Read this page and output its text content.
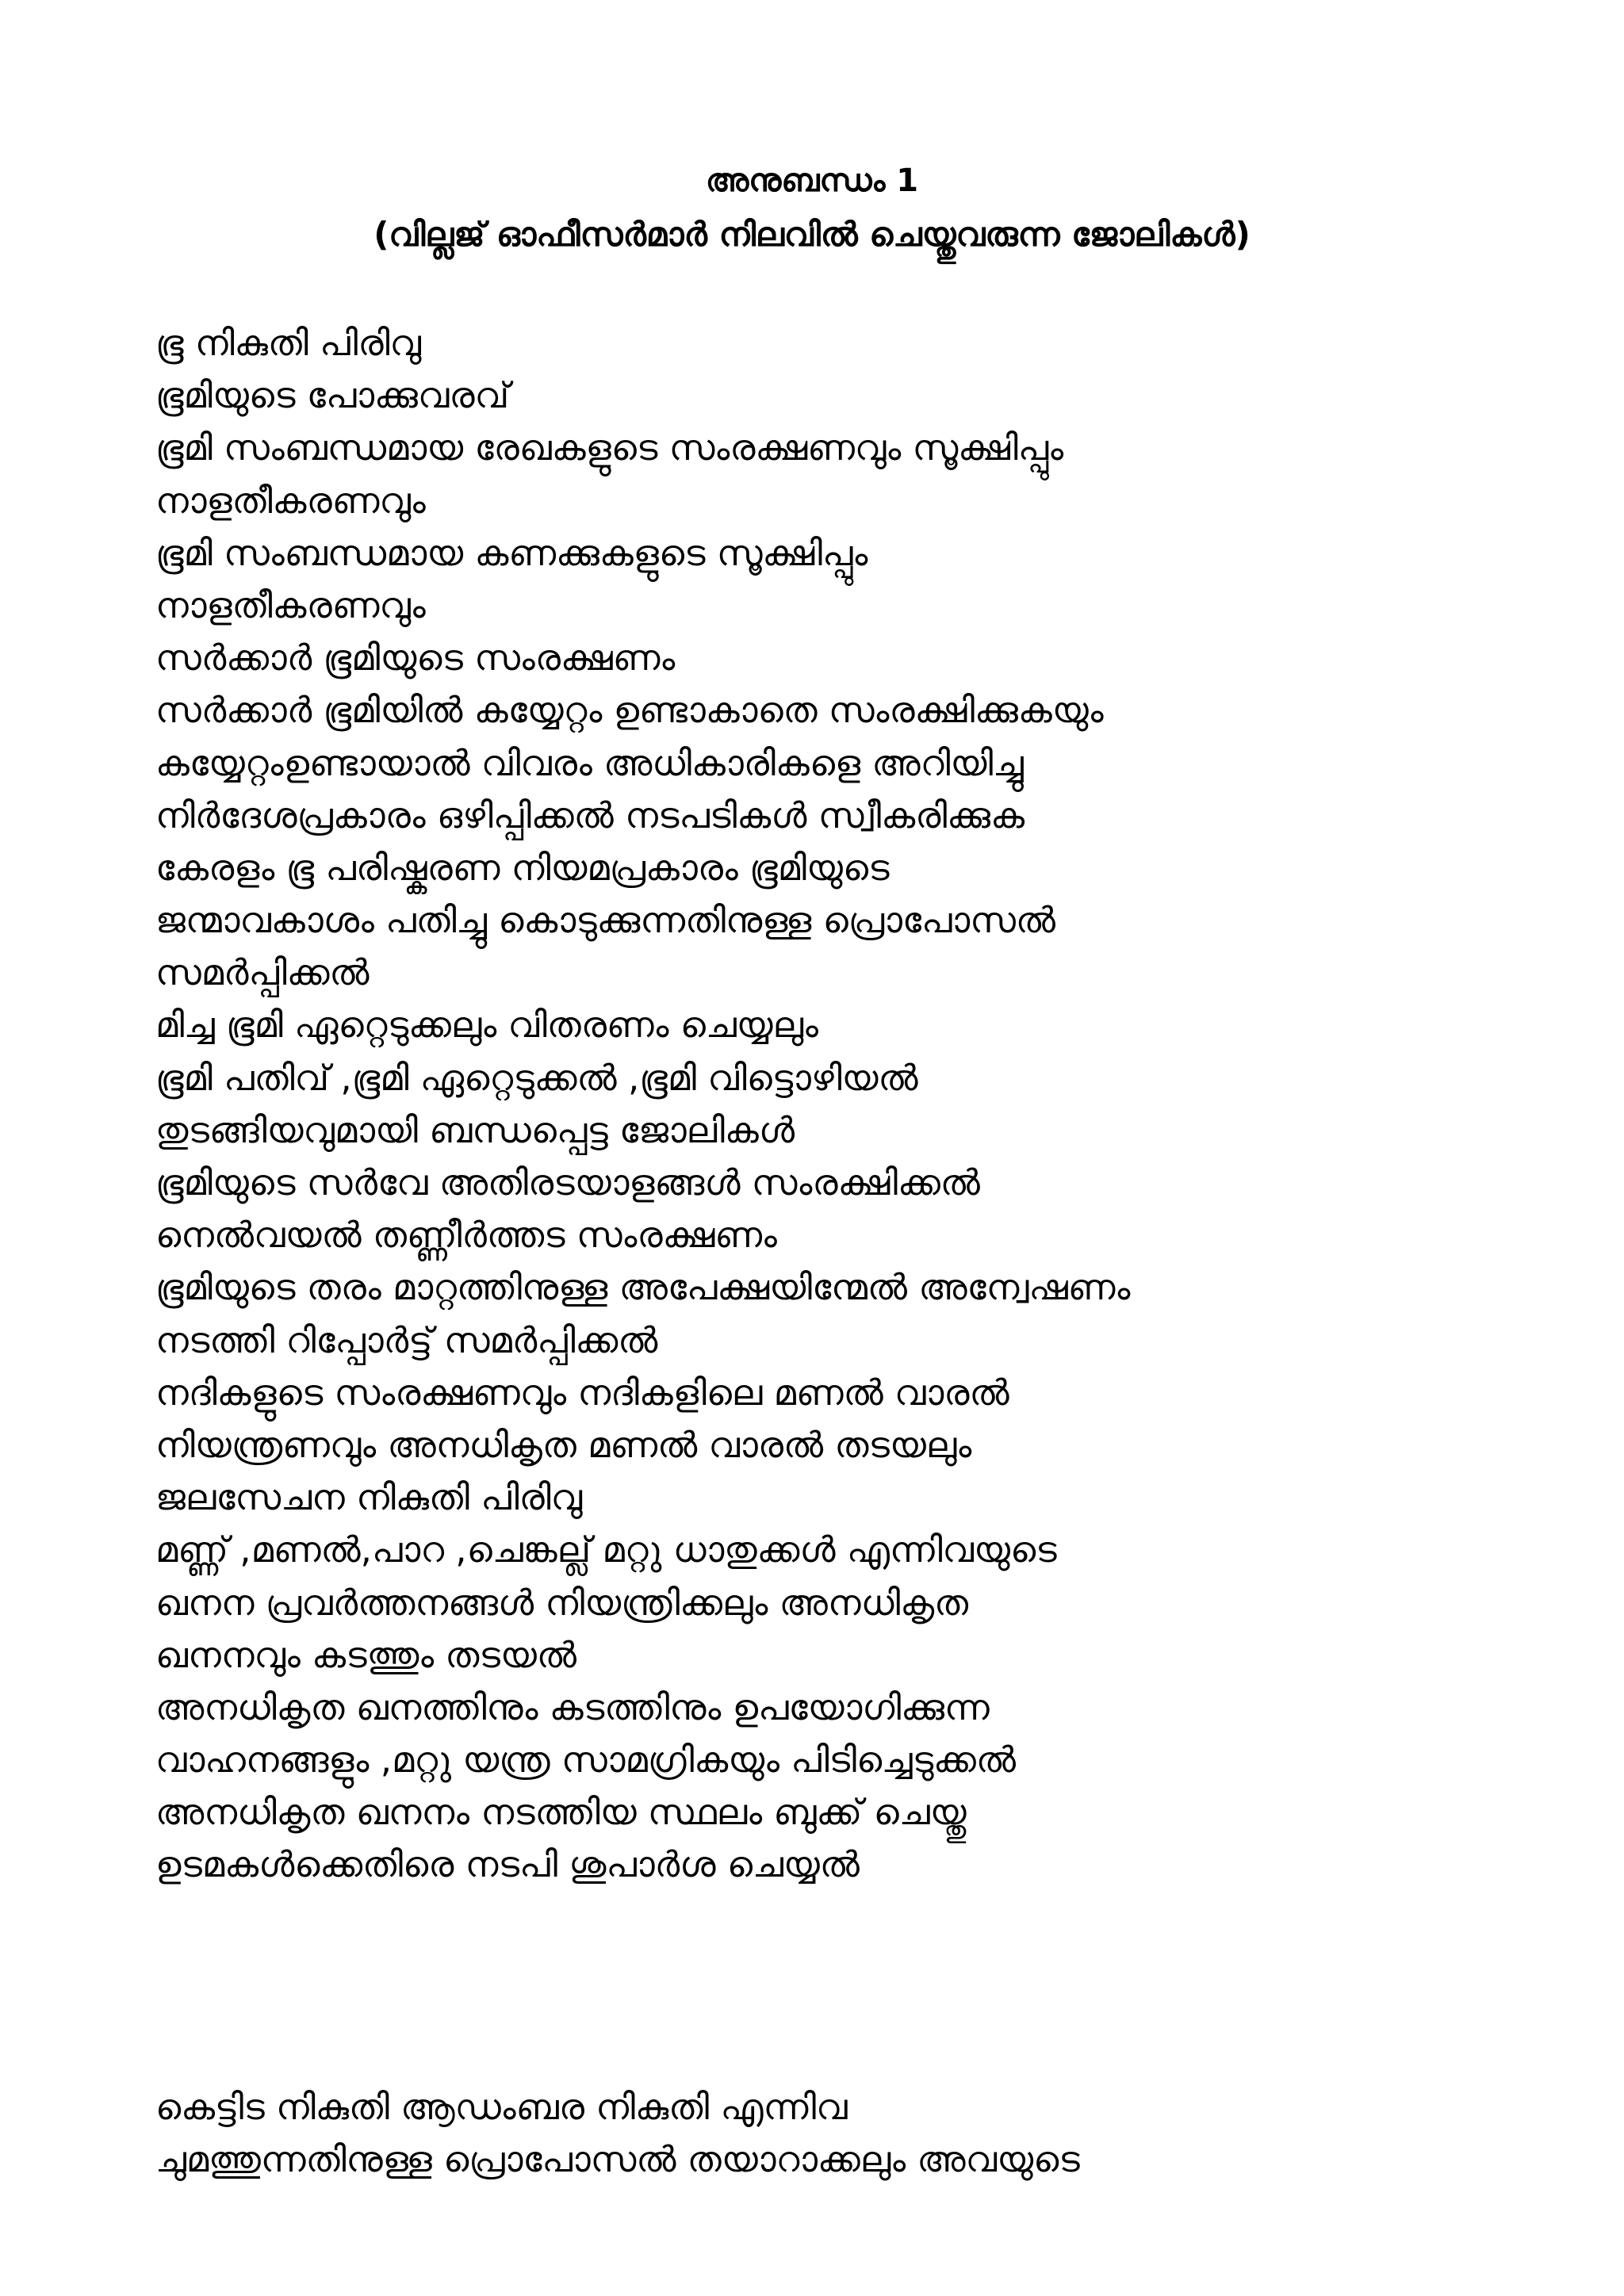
അനുബന്ധം 1
(വില്ലജ് ഓഫീസർമാർ നിലവിൽ ചെയ്തുവരുന്ന ജോലികൾ)
ഭൂ നികുതി പിരിവു
ഭൂമിയുടെ പോക്കുവരവ്
ഭൂമി സംബന്ധമായ രേഖകളുടെ സംരക്ഷണവും സൂക്ഷിപ്പും
നാളതീകരണവും
ഭൂമി സംബന്ധമായ കണക്കുകളുടെ സൂക്ഷിപ്പും
നാളതീകരണവും
സർക്കാർ ഭൂമിയുടെ സംരക്ഷണം
സർക്കാർ ഭൂമിയിൽ കയ്യേറ്റം ഉണ്ടാകാതെ സംരക്ഷിക്കുകയും
കയ്യേറ്റംഉണ്ടായാൽ വിവരം അധികാരികളെ അറിയിച്ചു
നിർദേശപ്രകാരം ഒഴിപ്പിക്കൽ നടപടികൾ സ്വീകരിക്കുക
കേരളം ഭൂ പരിഷ്കരണ നിയമപ്രകാരം ഭൂമിയുടെ
ജന്മാവകാശം പതിച്ചു കൊടുക്കുന്നതിനുള്ള പ്രൊപോസൽ
സമർപ്പിക്കൽ
മിച്ച ഭൂമി ഏറ്റെടുക്കലും വിതരണം ചെയ്യലും
ഭൂമി പതിവ് ,ഭൂമി ഏറ്റെടുക്കൽ ,ഭൂമി വിട്ടൊഴിയൽ
തുടങ്ങിയവുമായി ബന്ധപ്പെട്ട ജോലികൾ
ഭൂമിയുടെ സർവേ അതിരടയാളങ്ങൾ സംരക്ഷിക്കൽ
നെൽവയൽ തണ്ണീർത്തട സംരക്ഷണം
ഭൂമിയുടെ തരം മാറ്റത്തിനുള്ള അപേക്ഷയിന്മേൽ അന്വേഷണം
നടത്തി റിപ്പോർട്ട് സമർപ്പിക്കൽ
നദികളുടെ സംരക്ഷണവും നദികളിലെ മണൽ വാരൽ
നിയന്ത്രണവും അനധികൃത മണൽ വാരൽ തടയലും
ജലസേചന നികുതി പിരിവു
മണ്ണ് ,മണൽ,പാറ ,ചെങ്കല്ല് മറ്റു ധാതുക്കൾ എന്നിവയുടെ
ഖനന പ്രവർത്തനങ്ങൾ നിയന്ത്രിക്കലും അനധികൃത
ഖനനവും കടത്തും തടയൽ
അനധികൃത ഖനത്തിനും കടത്തിനും ഉപയോഗിക്കുന്ന
വാഹനങ്ങളും ,മറ്റു യന്ത്ര സാമഗ്രികയും പിടിച്ചെടുക്കൽ
അനധികൃത ഖനനം നടത്തിയ സ്ഥലം ബുക്ക് ചെയ്തു
ഉടമകൾക്കെതിരെ നടപി ശുപാർശ ചെയ്യൽ
കെട്ടിട നികുതി ആഡംബര നികുതി എന്നിവ
ചുമത്തുന്നതിനുള്ള പ്രൊപോസൽ തയാറാക്കലും അവയുടെ
